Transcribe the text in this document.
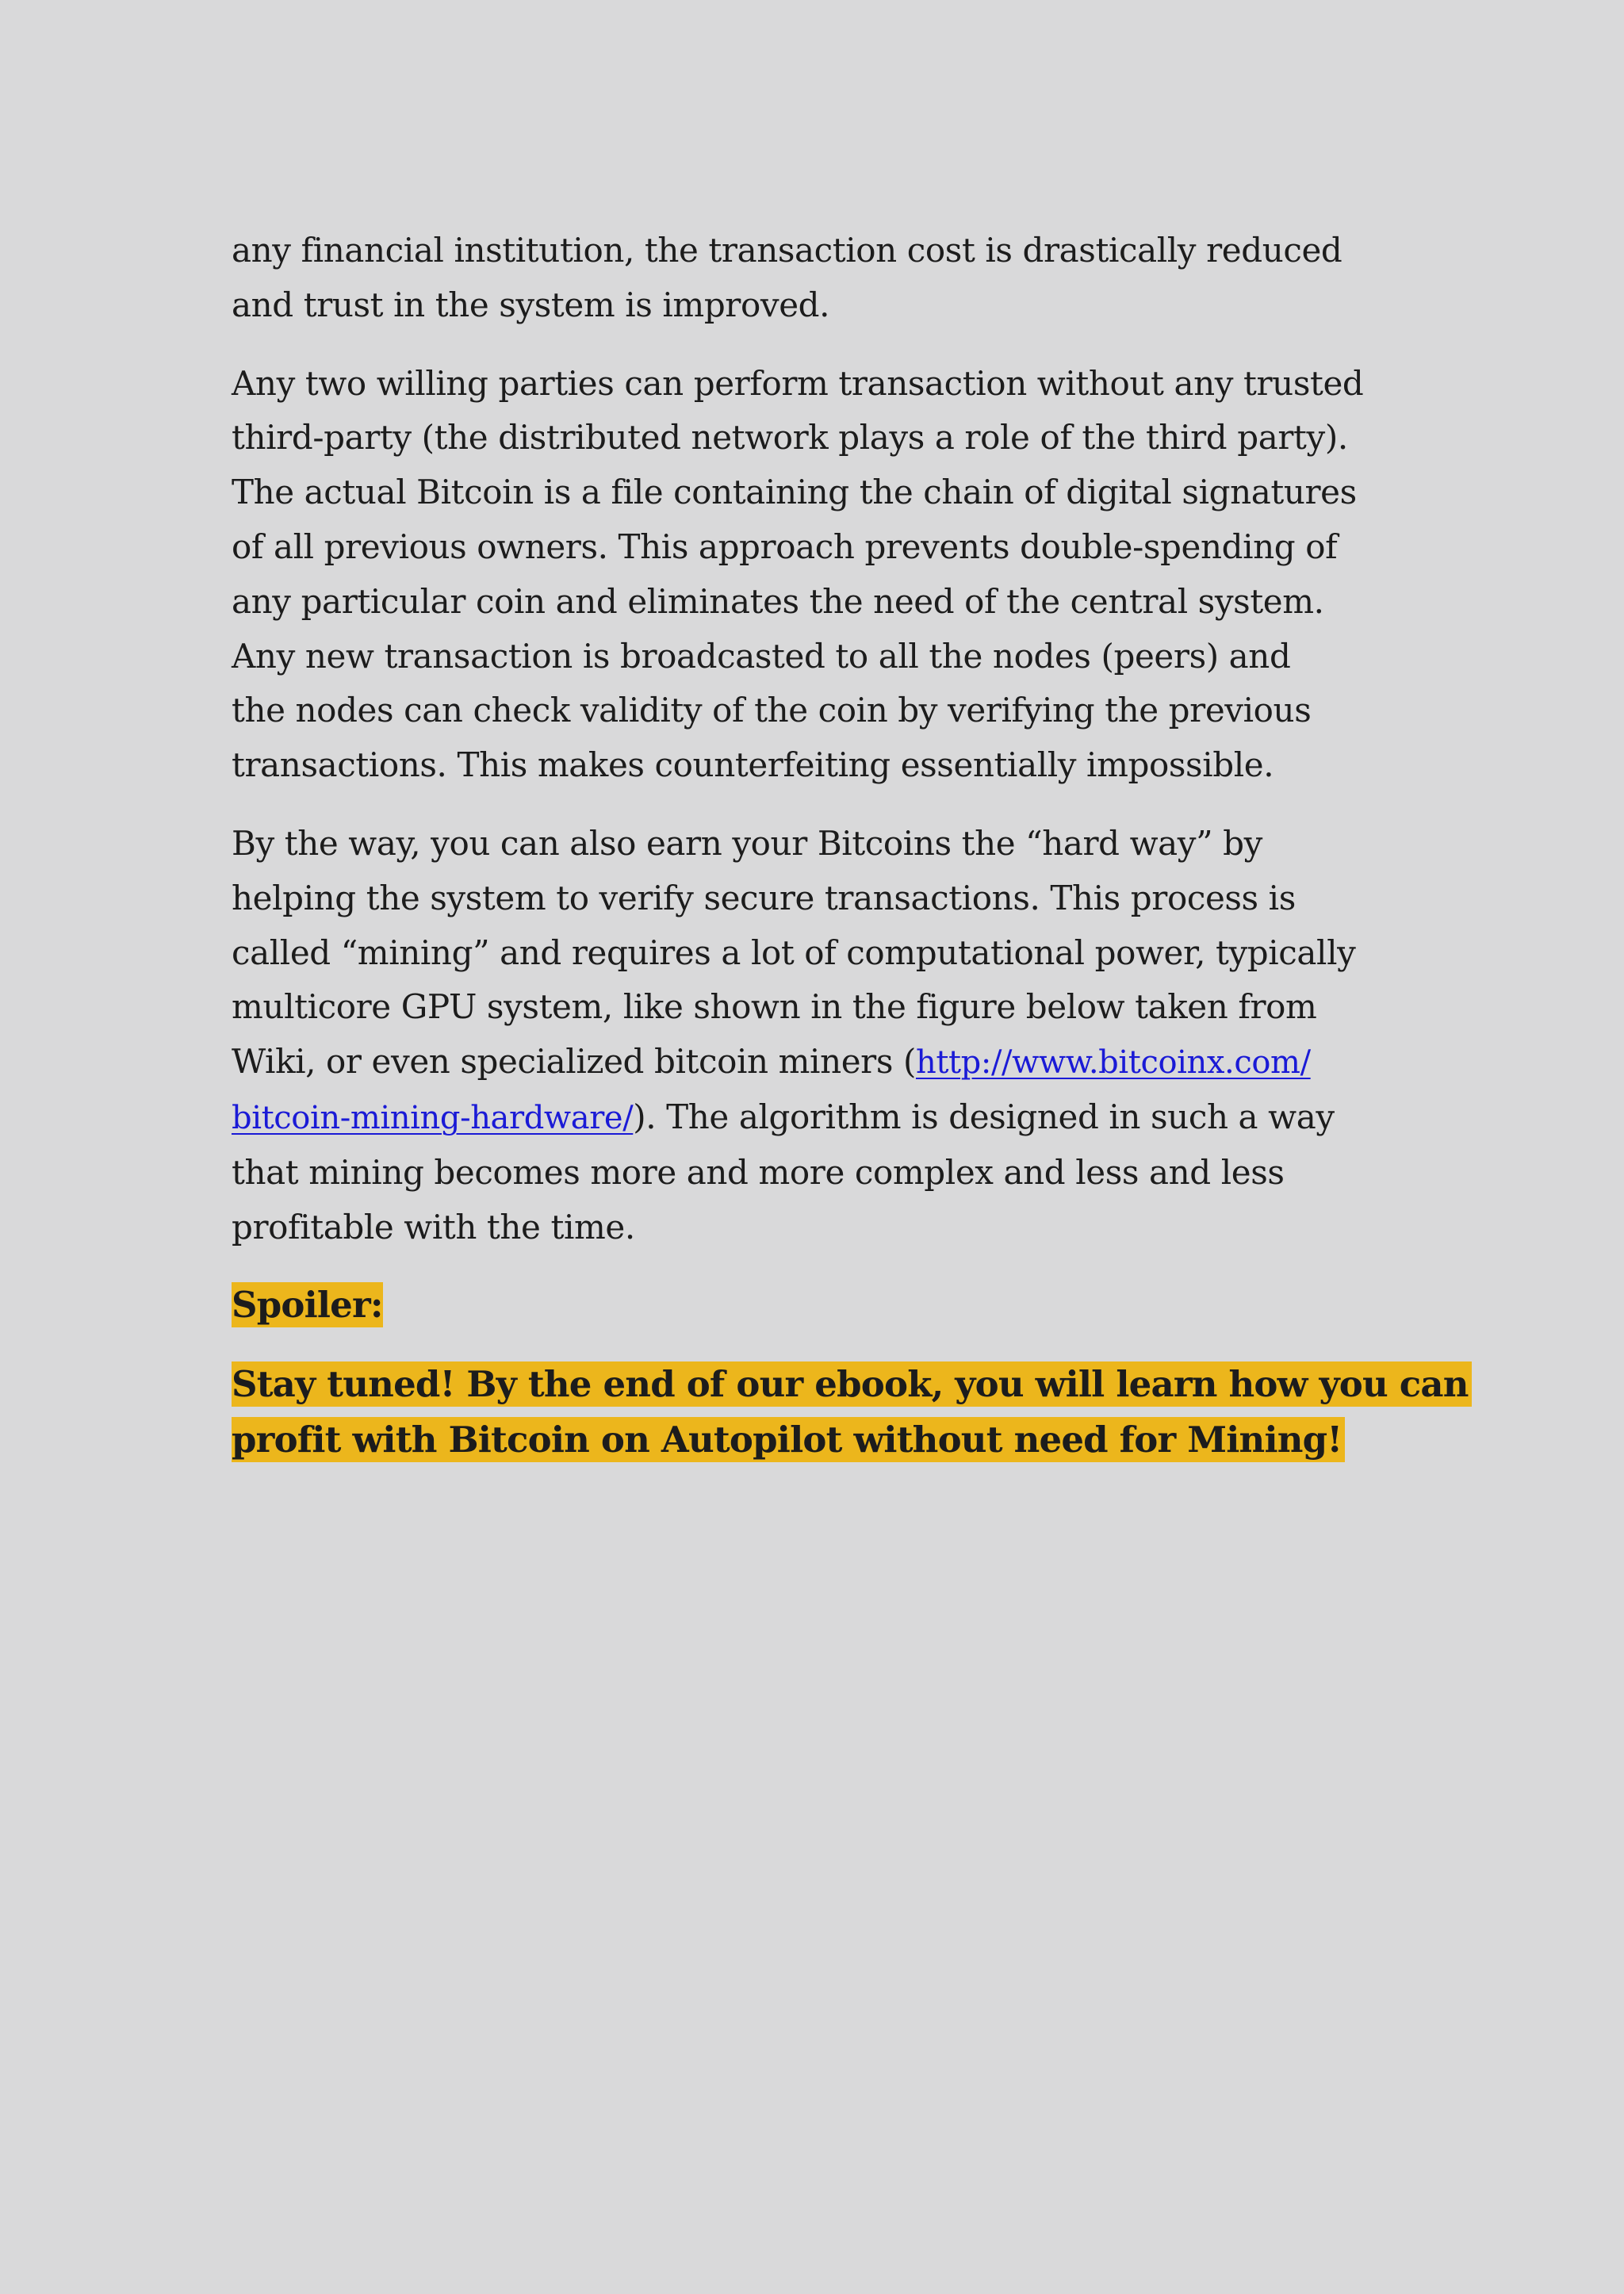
any financial institution, the transaction cost is drastically reduced
and trust in the system is improved.

Any two willing parties can perform transaction without any trusted
third-party (the distributed network plays a role of the third party).
The actual Bitcoin is a file containing the chain of digital signatures
of all previous owners. This approach prevents double-spending of
any particular coin and eliminates the need of the central system.
Any new transaction is broadcasted to all the nodes (peers) and
the nodes can check validity of the coin by verifying the previous
transactions. This makes counterfeiting essentially impossible.

By the way, you can also earn your Bitcoins the “hard way” by
helping the system to verify secure transactions. This process is
called “mining” and requires a lot of computational power, typically
multicore GPU system, like shown in the figure below taken from
Wiki, or even specialized bitcoin miners (http://www.bitcoinx.com/
bitcoin-mining-hardware/). The algorithm is designed in such a way
that mining becomes more and more complex and less and less
profitable with the time.

Spoiler:
Stay tuned! By the end of our ebook, you will learn how you can
profit with Bitcoin on Autopilot without need for Mining!
